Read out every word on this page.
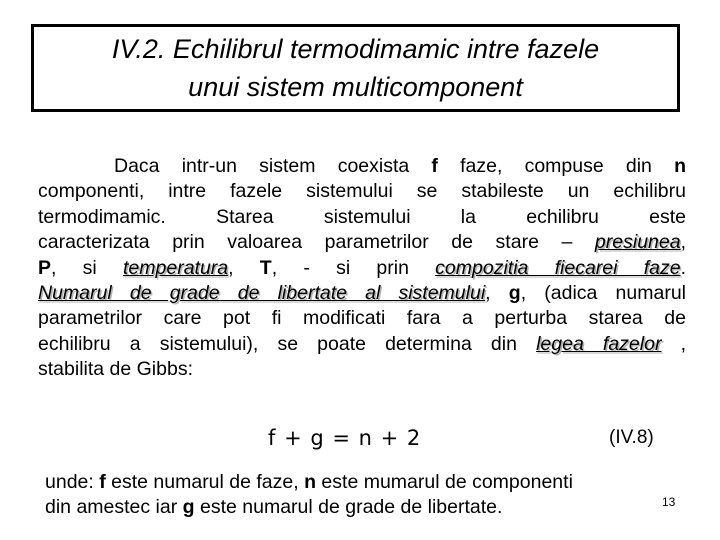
IV.2. Echilibrul termodimamic intre fazele
unui sistem multicomponent
Daca intr-un sistem coexista f faze, compuse din n
componenti, intre fazele sistemului se stabileste un echilibru
termodimamic. Starea sistemului la echilibru este
caracterizata prin valoarea parametrilor de stare – presiunea,
P, si temperatura, T, - si prin compozitia fiecarei faze.
Numarul de grade de libertate al sistemului, g, (adica numarul
parametrilor care pot fi modificati fara a perturba starea de
echilibru a sistemului), se poate determina din legea fazelor ,
stabilita de Gibbs:
f + g = n + 2	(IV.8)
unde: f este numarul de faze, n este mumarul de componenti
din amestec iar g este numarul de grade de libertate.	13
